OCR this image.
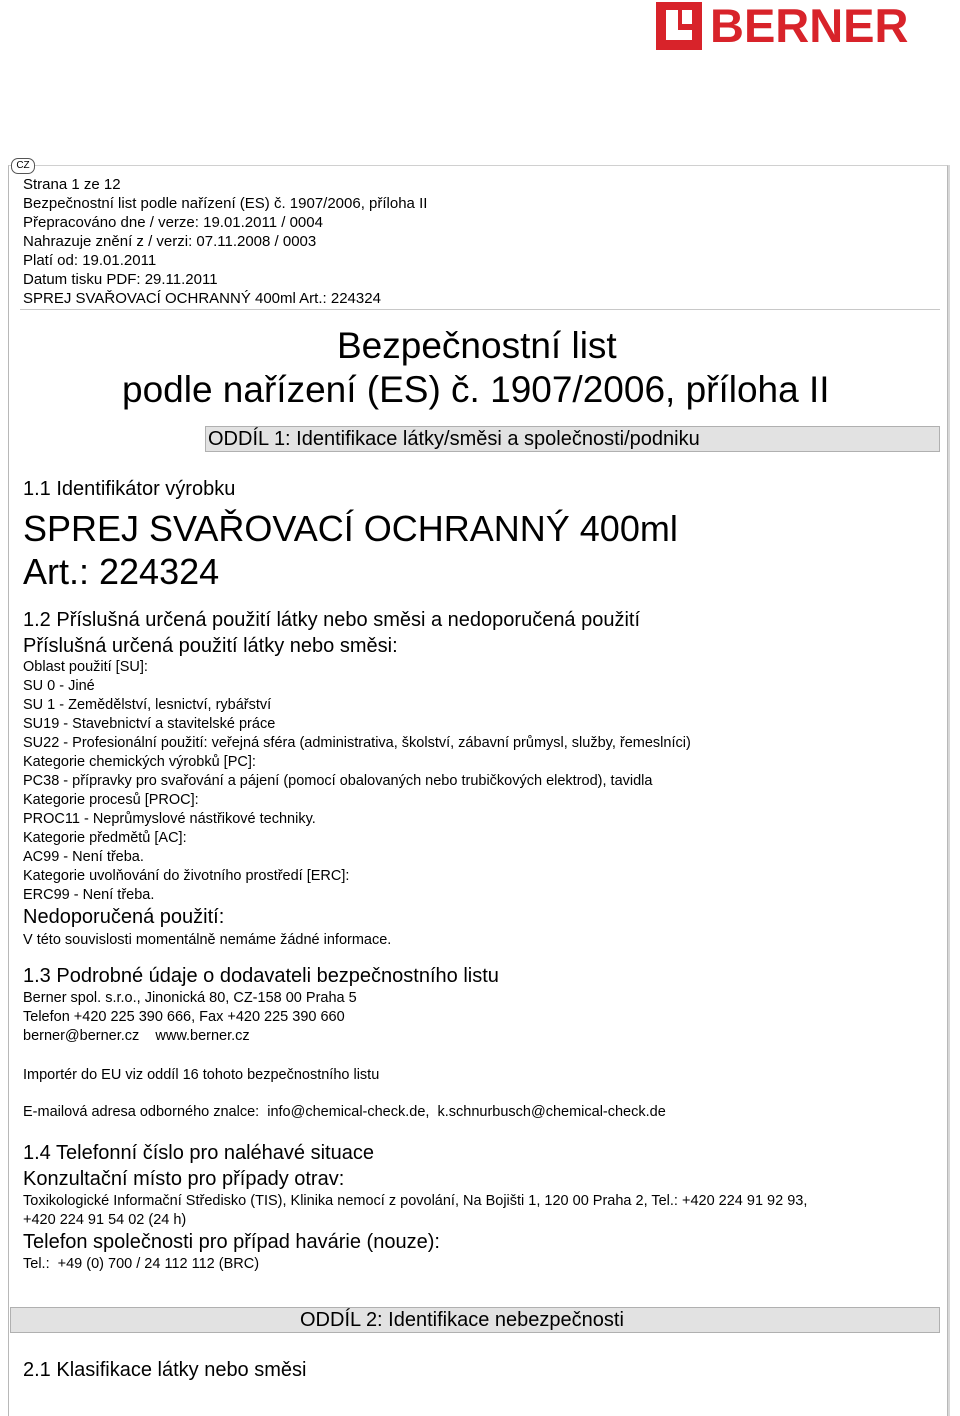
BERNER
CZ
Strana 1 ze 12
Bezpečnostní list podle nařízení (ES) č. 1907/2006, příloha II
Přepracováno dne / verze: 19.01.2011 / 0004
Nahrazuje znění z / verzi: 07.11.2008 / 0003
Platí od: 19.01.2011
Datum tisku PDF: 29.11.2011
SPREJ SVAŘOVACÍ OCHRANNÝ 400ml Art.: 224324
Bezpečnostní list
podle nařízení (ES) č. 1907/2006, příloha II
ODDÍL 1: Identifikace látky/směsi a společnosti/podniku
1.1 Identifikátor výrobku
SPREJ SVAŘOVACÍ OCHRANNÝ 400ml
Art.: 224324
1.2 Příslušná určená použití látky nebo směsi a nedoporučená použití
Příslušná určená použití látky nebo směsi:
Oblast použití [SU]:
SU 0 - Jiné
SU 1 - Zemědělství, lesnictví, rybářství
SU19 - Stavebnictví a stavitelské práce
SU22 - Profesionální použití: veřejná sféra (administrativa, školství, zábavní průmysl, služby, řemeslníci)
Kategorie chemických výrobků [PC]:
PC38 - přípravky pro svařování a pájení (pomocí obalovaných nebo trubičkových elektrod), tavidla
Kategorie procesů [PROC]:
PROC11 - Neprůmyslové nástřikové techniky.
Kategorie předmětů [AC]:
AC99 - Není třeba.
Kategorie uvolňování do životního prostředí [ERC]:
ERC99 - Není třeba.
Nedoporučená použití:
V této souvislosti momentálně nemáme žádné informace.
1.3 Podrobné údaje o dodavateli bezpečnostního listu
Berner spol. s.r.o., Jinonická 80, CZ-158 00 Praha 5
Telefon +420 225 390 666, Fax +420 225 390 660
berner@berner.cz    www.berner.cz
Importér do EU viz oddíl 16 tohoto bezpečnostního listu
E-mailová adresa odborného znalce:  info@chemical-check.de,  k.schnurbusch@chemical-check.de
1.4 Telefonní číslo pro naléhavé situace
Konzultační místo pro případy otrav:
Toxikologické Informační Středisko (TIS), Klinika nemocí z povolání, Na Bojišti 1, 120 00 Praha 2, Tel.: +420 224 91 92 93,
+420 224 91 54 02 (24 h)
Telefon společnosti pro případ havárie (nouze):
Tel.:  +49 (0) 700 / 24 112 112 (BRC)
ODDÍL 2: Identifikace nebezpečnosti
2.1 Klasifikace látky nebo směsi
